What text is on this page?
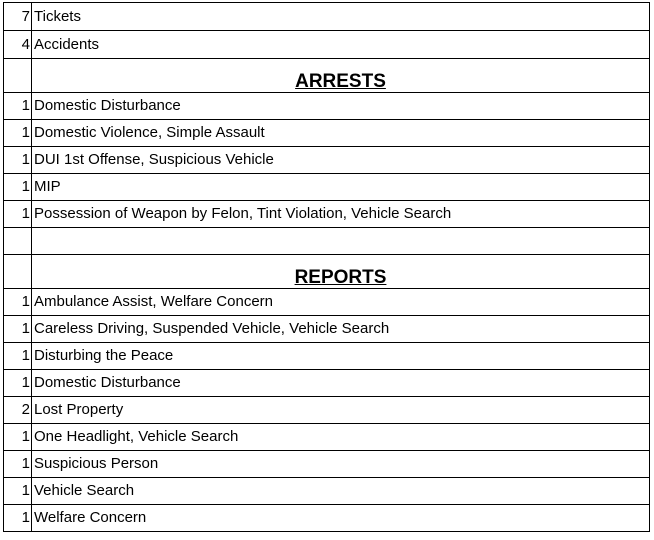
7	Tickets
4	Accidents
	ARRESTS
1	Domestic Disturbance
1	Domestic Violence, Simple Assault
1	DUI 1st Offense, Suspicious Vehicle
1	MIP
1	Possession of Weapon by Felon, Tint Violation, Vehicle Search

	REPORTS
1	Ambulance Assist, Welfare Concern
1	Careless Driving, Suspended Vehicle, Vehicle Search
1	Disturbing the Peace
1	Domestic Disturbance
2	Lost Property
1	One Headlight, Vehicle Search
1	Suspicious Person
1	Vehicle Search
1	Welfare Concern
